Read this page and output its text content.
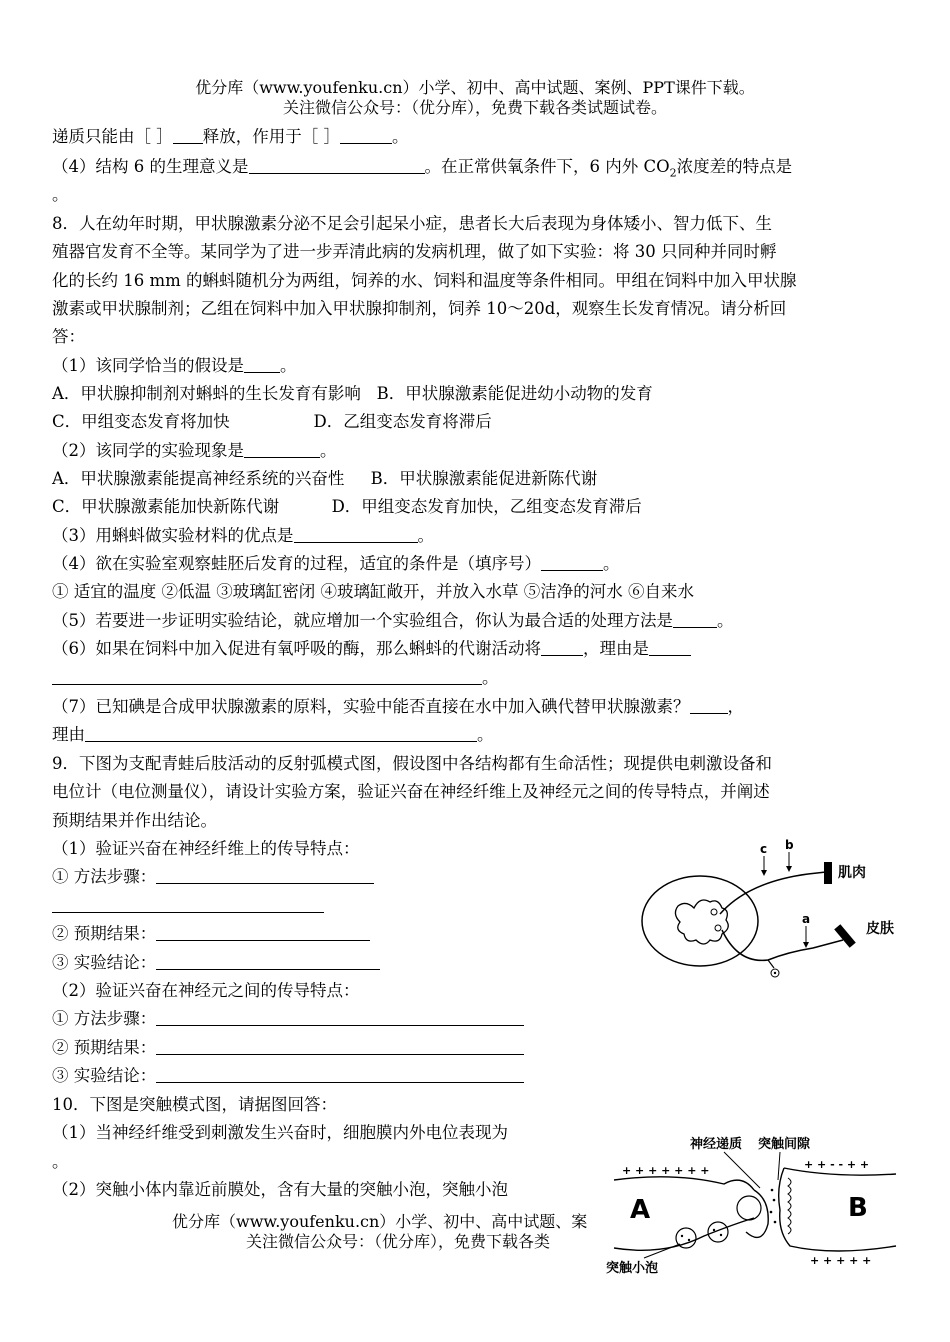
优分库（www.youfenku.cn）小学、初中、高中试题、案例、PPT课件下载。
关注微信公众号：（优分库），免费下载各类试题试卷。
递质只能由［ ］ 释放，作用于［ ］	。
（4）结构 6 的生理意义是	。在正常供氧条件下，6 内外 $CO_2$浓度差的特点是
。
8．人在幼年时期，甲状腺激素分泌不足会引起呆小症，患者长大后表现为身体矮小、智力低下、生
殖器官发育不全等。某同学为了进一步弄清此病的发病机理，做了如下实验：将 30 只同种并同时孵
化的长约 16 mm 的蝌蚪随机分为两组，饲养的水、饲料和温度等条件相同。甲组在饲料中加入甲状腺
激素或甲状腺制剂；乙组在饲料中加入甲状腺抑制剂，饲养 10～20d，观察生长发育情况。请分析回
答：
（1）该同学恰当的假设是 。
A．甲状腺抑制剂对蝌蚪的生长发育有影响   B．甲状腺激素能促进幼小动物的发育
C．甲组变态发育将加快                D．乙组变态发育将滞后
（2）该同学的实验现象是	。
A．甲状腺激素能提高神经系统的兴奋性     B．甲状腺激素能促进新陈代谢
C．甲状腺激素能加快新陈代谢          D．甲组变态发育加快，乙组变态发育滞后
（3）用蝌蚪做实验材料的优点是	。
（4）欲在实验室观察蛙胚后发育的过程，适宜的条件是（填序号）	。
① 适宜的温度 ②低温 ③玻璃缸密闭 ④玻璃缸敞开，并放入水草 ⑤洁净的河水 ⑥自来水
（5）若要进一步证明实验结论，就应增加一个实验组合，你认为最合适的处理方法是	。
（6）如果在饲料中加入促进有氧呼吸的酶，那么蝌蚪的代谢活动将	，理由是
。
（7）已知碘是合成甲状腺激素的原料，实验中能否直接在水中加入碘代替甲状腺激素？ ，
理由	。
9．下图为支配青蛙后肢活动的反射弧模式图，假设图中各结构都有生命活性；现提供电刺激设备和
电位计（电位测量仪），请设计实验方案，验证兴奋在神经纤维上及神经元之间的传导特点，并阐述
预期结果并作出结论。
（1）验证兴奋在神经纤维上的传导特点：
① 方法步骤：
② 预期结果：
③ 实验结论：
（2）验证兴奋在神经元之间的传导特点：
① 方法步骤：
② 预期结果：
③ 实验结论：
c b
a
肌肉
皮肤
10．下图是突触模式图，请据图回答：
（1）当神经纤维受到刺激发生兴奋时，细胞膜内外电位表现为
。
（2）突触小体内靠近前膜处，含有大量的突触小泡，突触小泡
优分库（www.youfenku.cn）小学、初中、高中试题、案
关注微信公众号：（优分库），免费下载各类
+ + + + + + +	+ + - - + +
+ + + + +
神经递质 突触间隙
A	B
突触小泡
